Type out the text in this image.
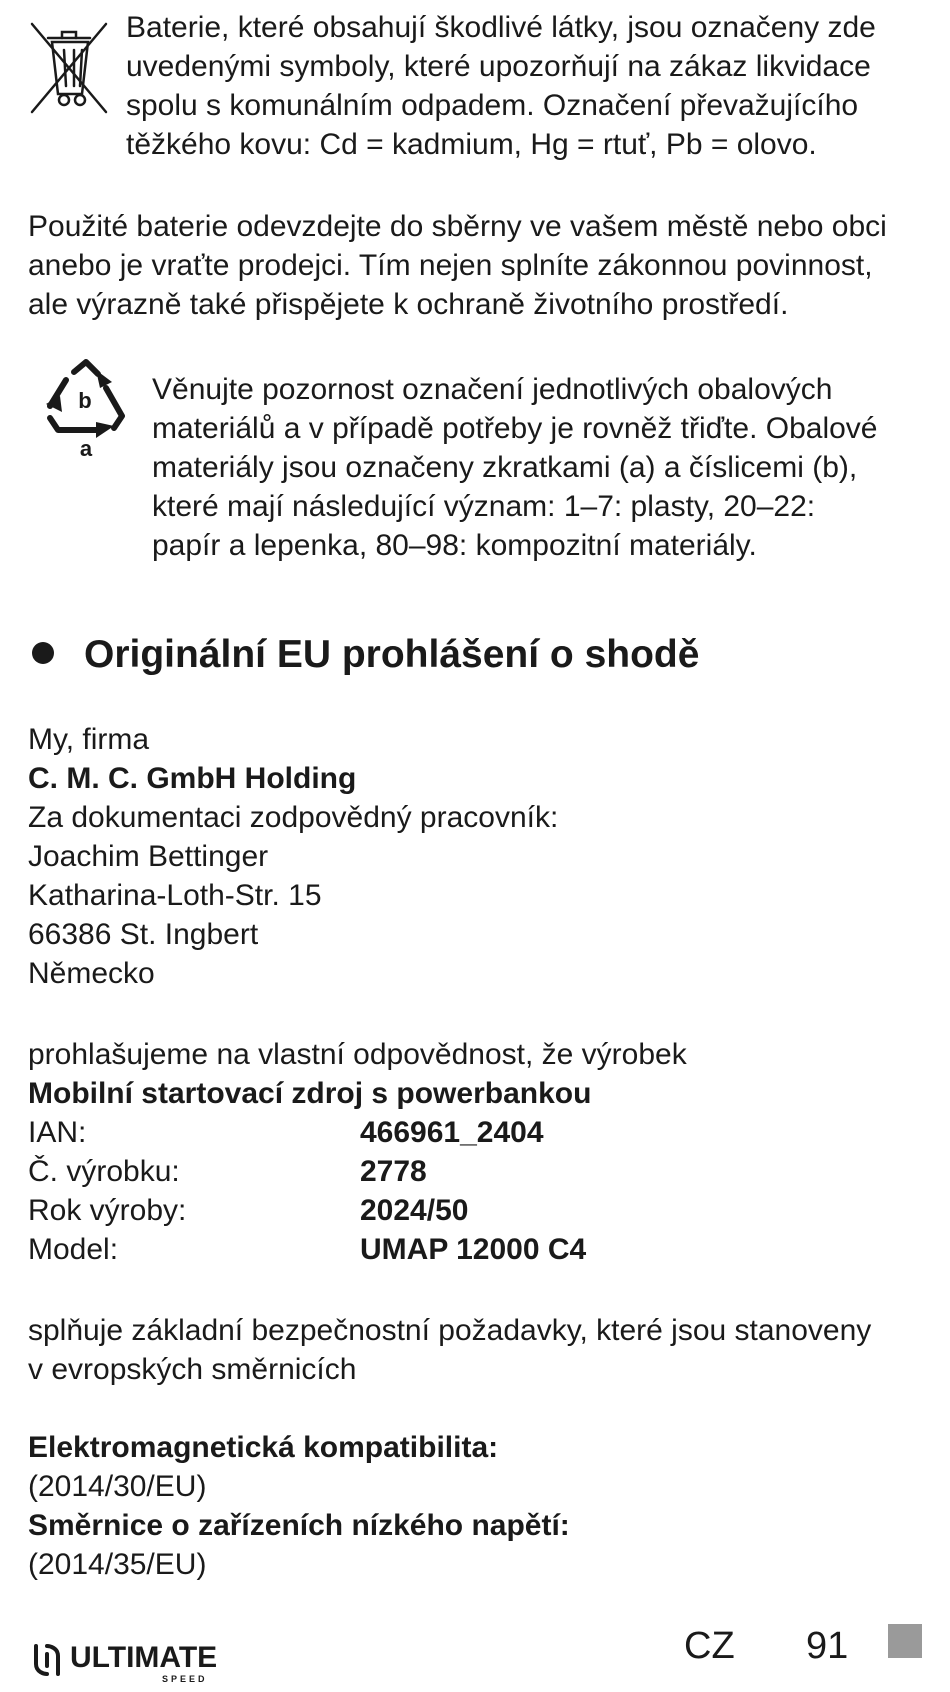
Baterie, které obsahují škodlivé látky, jsou označeny zde
uvedenými symboly, které upozorňují na zákaz likvidace
spolu s komunálním odpadem. Označení převažujícího
těžkého kovu: Cd = kadmium, Hg = rtuť, Pb = olovo.
Použité baterie odevzdejte do sběrny ve vašem městě nebo obci
anebo je vraťte prodejci. Tím nejen splníte zákonnou povinnost,
ale výrazně také přispějete k ochraně životního prostředí.
b
a
Věnujte pozornost označení jednotlivých obalových
materiálů a v případě potřeby je rovněž třiďte. Obalové
materiály jsou označeny zkratkami (a) a číslicemi (b),
které mají následující význam: 1–7: plasty, 20–22:
papír a lepenka, 80–98: kompozitní materiály.
Originální EU prohlášení o shodě
My, firma
C. M. C. GmbH Holding
Za dokumentaci zodpovědný pracovník:
Joachim Bettinger
Katharina-Loth-Str. 15
66386 St. Ingbert
Německo
prohlašujeme na vlastní odpovědnost, že výrobek
Mobilní startovací zdroj s powerbankou
IAN:	466961_2404
Č. výrobku:	2778
Rok výroby:	2024/50
Model:	UMAP 12000 C4
splňuje základní bezpečnostní požadavky, které jsou stanoveny
v evropských směrnicích
Elektromagnetická kompatibilita:
(2014/30/EU)
Směrnice o zařízeních nízkého napětí:
(2014/35/EU)
ULTIMATE
SPEED
CZ 91
